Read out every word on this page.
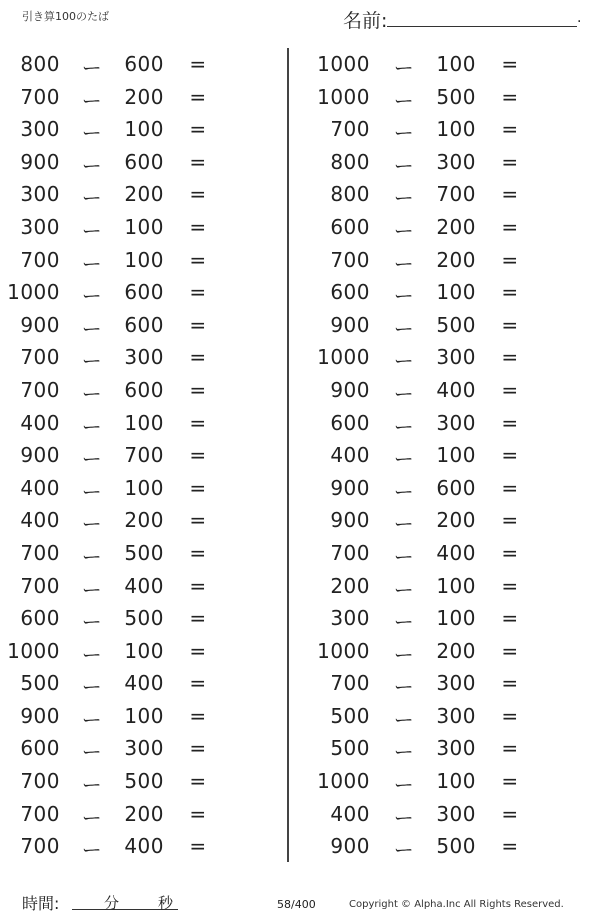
引き算100のたば	名前:	.
800 ー	600	=
700 ー	200	=
300 ー	100	=
900 ー	600	=
300 ー	200	=
300 ー	100	=
700 ー	100	=
1000 ー	600	=
900 ー	600	=
700 ー	300	=
700 ー	600	=
400 ー	100	=
900 ー	700	=
400 ー	100	=
400 ー	200	=
700 ー	500	=
700 ー	400	=
600 ー	500	=
1000 ー	100	=
500 ー	400	=
900 ー	100	=
600 ー	300	=
700 ー	500	=
700 ー	200	=
700 ー	400	=
1000 ー	100	=
1000 ー	500	=
700 ー	100	=
800 ー	300	=
800 ー	700	=
600 ー	200	=
700 ー	200	=
600 ー	100	=
900 ー	500	=
1000 ー	300	=
900 ー	400	=
600 ー	300	=
400 ー	100	=
900 ー	600	=
900 ー	200	=
700 ー	400	=
200 ー	100	=
300 ー	100	=
1000 ー	200	=
700 ー	300	=
500 ー	300	=
500 ー	300	=
1000 ー	100	=
400 ー	300	=
900 ー	500	=
時間:	分	秒	58/400	Copyright © Alpha.Inc All Rights Reserved.
